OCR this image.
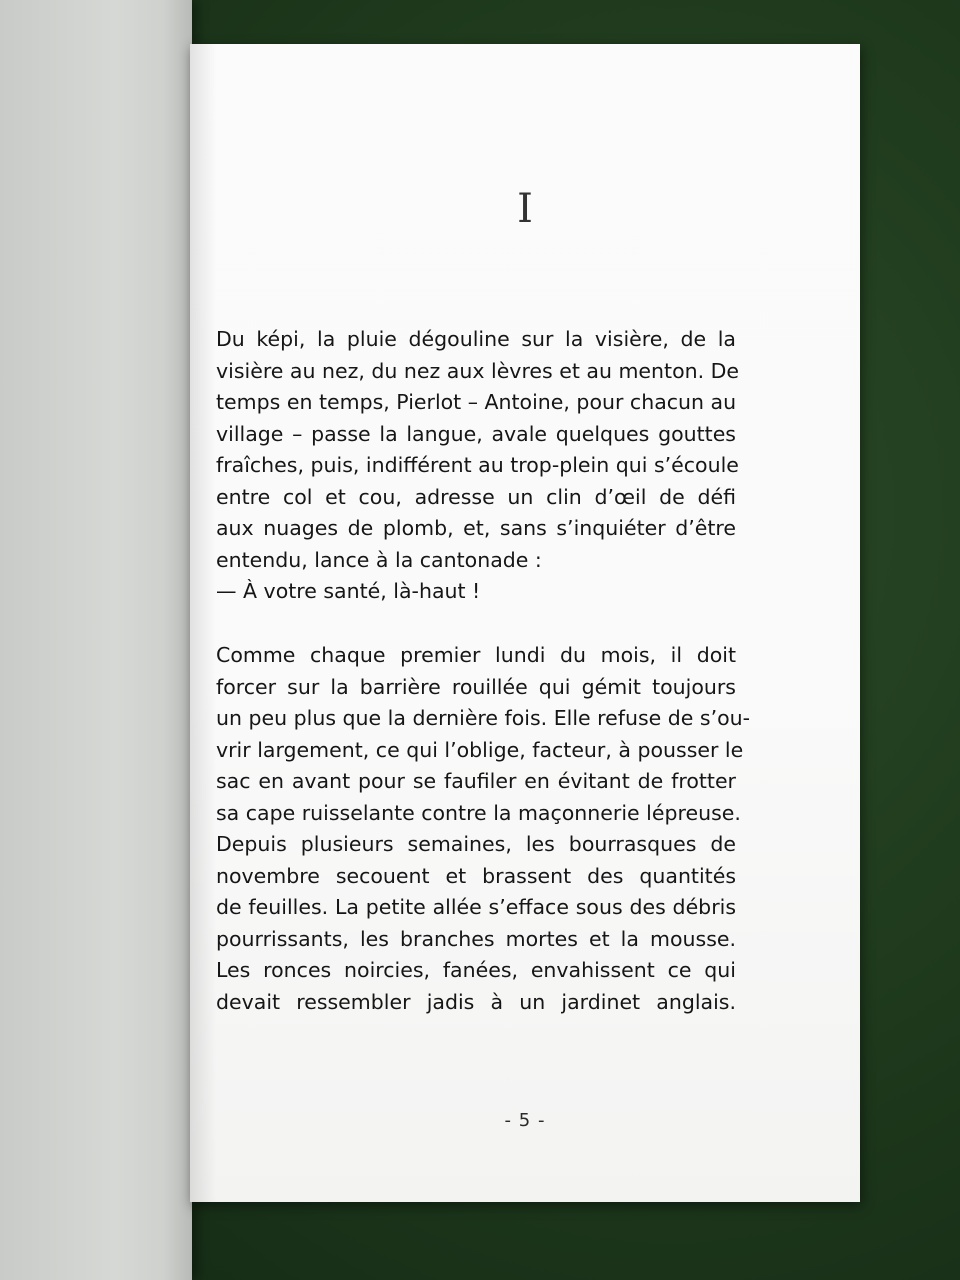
I
Du képi, la pluie dégouline sur la visière, de la
visière au nez, du nez aux lèvres et au menton. De
temps en temps, Pierlot – Antoine, pour chacun au
village – passe la langue, avale quelques gouttes
fraîches, puis, indifférent au trop-plein qui s’écoule
entre col et cou, adresse un clin d’œil de défi
aux nuages de plomb, et, sans s’inquiéter d’être
entendu, lance à la cantonade :
— À votre santé, là-haut !
Comme chaque premier lundi du mois, il doit
forcer sur la barrière rouillée qui gémit toujours
un peu plus que la dernière fois. Elle refuse de s’ou-
vrir largement, ce qui l’oblige, facteur, à pousser le
sac en avant pour se faufiler en évitant de frotter
sa cape ruisselante contre la maçonnerie lépreuse.
Depuis plusieurs semaines, les bourrasques de
novembre secouent et brassent des quantités
de feuilles. La petite allée s’efface sous des débris
pourrissants, les branches mortes et la mousse.
Les ronces noircies, fanées, envahissent ce qui
devait ressembler jadis à un jardinet anglais.
- 5 -
